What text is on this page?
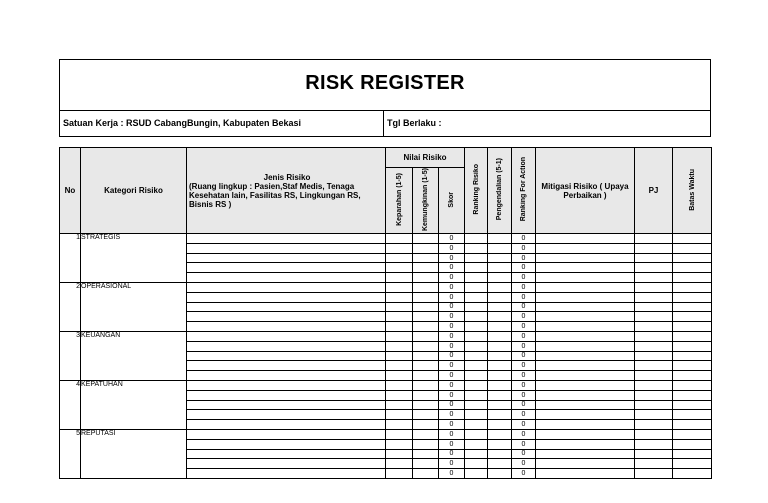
RISK REGISTER
Satuan Kerja : RSUD CabangBungin, Kabupaten Bekasi	Tgl Berlaku :
No	Kategori Risiko	Jenis Risiko
(Ruang lingkup : Pasien,Staf Medis, Tenaga Kesehatan lain, Fasilitas RS, Lingkungan RS, Bisnis RS )	Nilai Risiko			Ranking Risiko	Pengendalian (5-1)	Ranking For Action	Mitigasi Risiko ( Upaya Perbaikan )	PJ	Batas Waktu
			Keparahan (1-5)	Kemungkinan (1-5)	Skor						
1	STRATEGIS				0			0			
					0			0			
					0			0			
					0			0			
					0			0			
2	OPERASIONAL				0			0			
					0			0			
					0			0			
					0			0			
					0			0			
3	KEUANGAN				0			0			
					0			0			
					0			0			
					0			0			
					0			0			
4	KEPATUHAN				0			0			
					0			0			
					0			0			
					0			0			
					0			0			
5	REPUTASI				0			0			
					0			0			
					0			0			
					0			0			
					0			0			
